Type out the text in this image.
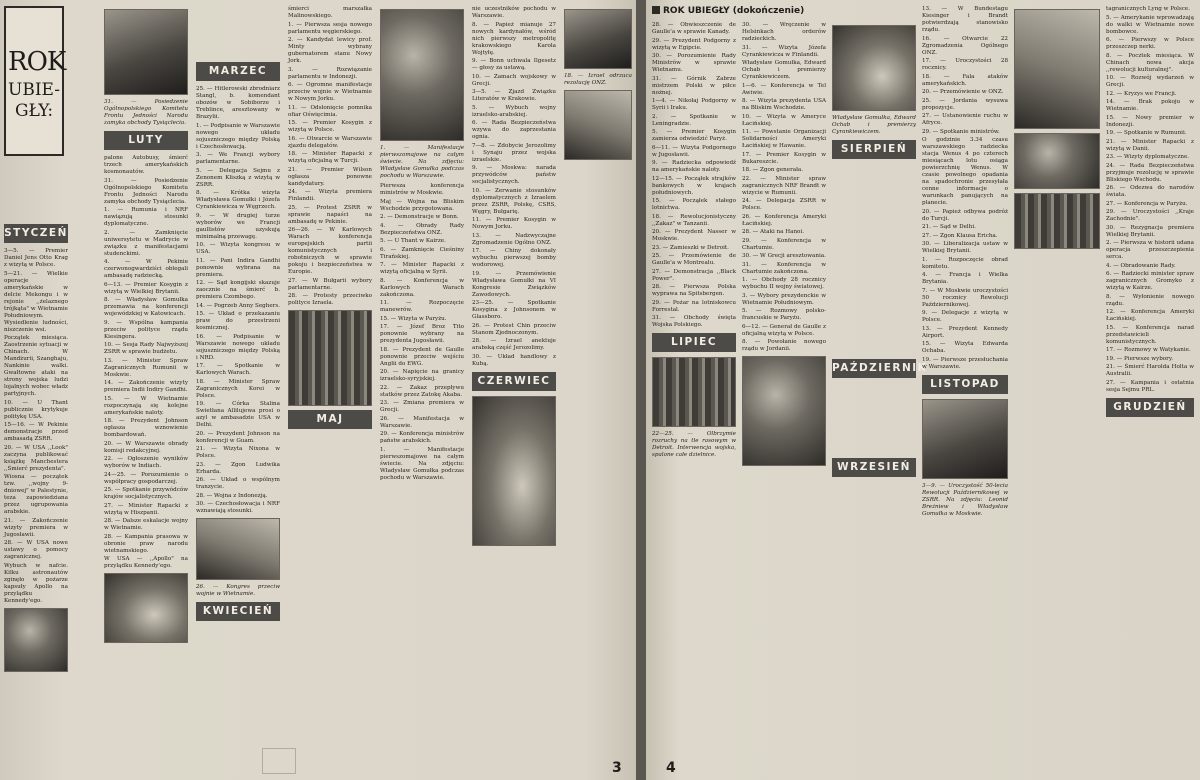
ROK
UBIE-
GŁY:
STYCZEŃ
3—5. — Premier Daniel Jens Otto Krag z wizytą w Polsce.
5—21. — Wielkie operacje amerykańskie w delcie Mekongu i w rejonie ,,żelaznego trójkąta" w Wietnamie Południowym. Wysiedlenie ludności, niszczenie wsi.
Początek miesiąca. Zaostrzenie sytuacji w Chinach. W Mandżurii, Szanghaju, Nankinie walki. Gwałtowne ataki na strony wojska ludzi lojalnych wobec władz partyjnych.
10. — U Thant publicznie krytykuje politykę USA.
15—16. — W Pekinie demonstracje przed ambasadą ZSRR.
20. — W USA ,,Look" zaczyna publikować książkę Manchestera ,,Śmierć prezydenta".
Wiosna — początek tzw. ,,wojny 9-dniowej" w Palestynie, teza zapowiedziana przez ugrupowania arabskie.
21. — Zakończenie wizyty premiera w Jugosławii.
28. — W USA nowe ustawy o pomocy zagranicznej.
Wybuch w nafcie. Kilku astronautów zginęło w pożarze kapsuły Apollo na przylądku Kennedy'ego.
31. — Posiedzenie Ogólnopolskiego Komitetu Frontu Jedności Narodu zamyka obchody Tysiąclecia.
LUTY
palone Autobusy, śmierć trzech amerykańskich kosmonautów.
31. — Posiedzenie Ogólnopolskiego Komitetu Frontu Jedności Narodu zamyka obchody Tysiąclecia.
1. — Rumunia i NRF nawiązują stosunki dyplomatyczne.
2. — Zamknięcie uniwersytetu w Madrycie w związku z manifestacjami studenckimi.
4. — W Pekinie czerwonogwardziści oblegali ambasadę radziecką.
6—13. — Premier Kosygin z wizytą w Wielkiej Brytanii.
8. — Władysław Gomułka przemawia na konferencji wojewódzkiej w Katowicach.
9. — Wspólna kampania przeciw polityce rządu Kiesingera.
10. — Sesja Rady Najwyższej ZSRR w sprawie budżetu.
13. — Minister Spraw Zagranicznych Rumunii w Moskwie.
14. — Zakończenie wizyty premiera Indii Indiry Gandhi.
15. — W Wietnamie rozpoczynają się kolejne amerykańskie naloty.
18. — Prezydent Johnson ogłasza wznowienie bombardowań.
20. — W Warszawie obrady komisji redakcyjnej.
22. — Ogłoszenie wyników wyborów w Indiach.
24—25. — Porozumienie o współpracy gospodarczej.
25. — Spotkanie przywódców krajów socjalistycznych.
27. — Minister Rapacki z wizytą w Hiszpanii.
28. — Dalsze eskalacje wojny w Wietnamie.
28. — Kampania prasowa w obronie praw narodu wietnamskiego.
W USA — ,,Apollo" na przylądku Kennedy'ego.
MARZEC
25. — Hitlerowski zbrodniarz Stangl, b. komendant obozów w Sobiborze i Treblince, aresztowany w Brazylii.
1. — Podpisanie w Warszawie nowego układu sojuszniczego między Polską i Czechosłowacją.
3. — We Francji wybory parlamentarne.
5. — Delegacja Sejmu z Zenonem Kliszką z wizytą w ZSRR.
8. — Krótka wizyta Władysława Gomułki i Józefa Cyrankiewicza w Węgrzech.
9. — W drugiej turze wyborów we Francji gaullistów uzyskują minimalną przewagę.
10. — Wizyta kongresu w USA.
11. — Pani Indira Gandhi ponownie wybrana na premiera.
12. — Sąd kongijski skazuje zaocznie na śmierć b. premiera Czombego.
14. — Pogrzeb Anny Seghers.
15. — Układ o przekazaniu praw do przestrzeni kosmicznej.
16. — Podpisanie w Warszawie nowego układu sojuszniczego między Polską i NRD.
17. — Spotkanie w Karlowych Warach.
18. — Minister Spraw Zagranicznych Korei w Polsce.
19. — Córka Stalina Swietłana Allilujewa prosi o azyl w ambasadzie USA w Delhi.
20. — Prezydent Johnson na konferencji w Guam.
21. — Wizyta Nixona w Polsce.
23. — Zgon Ludwika Erharda.
26. — Układ o wspólnym tranzycie.
28. — Wojna z Indonezją.
30. — Czechosłowacja i NRF wznawiają stosunki.
26. — Kongres przeciw wojnie w Wietnamie.
KWIECIEŃ
śmierci marszałka Malinowskiego.
1. — Pierwsza sesja nowego parlamentu węgierskiego.
2. — Kandydat lewicy prof. Minty wybrany gubernatorem stanu Nowy Jork.
3. — Rozwiązanie parlamentu w Indonezji.
6. — Ogromne manifestacje przeciw wojnie w Wietnamie w Nowym Jorku.
11. — Odsłonięcie pomnika ofiar Oświęcimia.
15. — Premier Kosygin z wizytą w Polsce.
16. — Otwarcie w Warszawie zjazdu delegatów.
18. — Minister Rapacki z wizytą oficjalną w Turcji.
21. — Premier Wilson ogłasza ponowne kandydatury.
24. — Wizyta premiera Finlandii.
25. — Protest ZSRR w sprawie napaści na ambasadę w Pekinie.
26—26. — W Karlowych Warach konferencja europejskich partii komunistycznych i robotniczych w sprawie pokoju i bezpieczeństwa w Europie.
27. — W Bułgarii wybory parlamentarne.
28. — Protesty przeciwko polityce Izraela.
MAJ
1. — Manifestacje pierwszomajowe na całym świecie. Na zdjęciu: Władysław Gomułka podczas pochodu w Warszawie.
Pierwsza konferencja ministrów w Moskwie.
Maj — Wojna na Bliskim Wschodzie przygotowana.
2. — Demonstracje w Bonn.
4. — Obrady Rady Bezpieczeństwa ONZ.
5. — U Thant w Kairze.
6. — Zamknięcie Cieśniny Tirańskiej.
7. — Minister Rapacki z wizytą oficjalną w Syrii.
8. — Konferencja w Karlowych Warach zakończona.
11. — Rozpoczęcie manewrów.
15. — Wizyta w Paryżu.
17. — Józef Broz Tito ponownie wybrany na prezydenta Jugosławii.
18. — Prezydent de Gaulle ponownie przeciw wejściu Anglii do EWG.
20. — Napięcie na granicy izraelsko-syryjskiej.
22. — Zakaz przepływu statków przez Zatokę Akaba.
23. — Zmiana premiera w Grecji.
26. — Manifestacja w Warszawie.
29. — Konferencja ministrów państw arabskich.
1. — Manifestacje pierwszomajowe na całym świecie. Na zdjęciu: Władysław Gomułka podczas pochodu w Warszawie.
nie uczestników pochodu w Warszawie.
8. — Papież mianuje 27 nowych kardynałów, wśród nich pierwszy metropolitę krakowskiego Karola Wojtyłę.
9. — Bonn uchwala Ilgesetz — głosy za ustawą.
10. — Zamach wojskowy w Grecji.
3—5. — Zjazd Związku Literatów w Krakowie.
5. — Wybuch wojny izraelsko-arabskiej.
6. — Rada Bezpieczeństwa wzywa do zaprzestania ognia.
7—8. — Zdobycie Jerozolimy i Synaju przez wojska izraelskie.
9. — Moskwa: narada przywódców państw socjalistycznych.
10. — Zerwanie stosunków dyplomatycznych z Izraelem przez ZSRR, Polskę, CSRS, Węgry, Bułgarię.
11. — Premier Kosygin w Nowym Jorku.
13. — Nadzwyczajne Zgromadzenie Ogólne ONZ.
17. — Chiny dokonały wybuchu pierwszej bomby wodorowej.
19. — Przemówienie Władysława Gomułki na VI Kongresie Związków Zawodowych.
23—25. — Spotkanie Kosygina z Johnsonem w Glassboro.
26. — Protest Chin przeciw Stanom Zjednoczonym.
28. — Izrael anektuje arabską część Jerozolimy.
30. — Układ handlowy z Kubą.
CZERWIEC
18. — Izrael odrzuca rezolucję ONZ.
3
ROK UBIEGŁY (dokończenie)
28. — Obwieszczenie de Gaulle'a w sprawie Kanady.
29. — Prezydent Podgorny z wizytą w Egipcie.
30. — Porozumienie Rady Ministrów w sprawie Wietnamu.
31. — Górnik Zabrze mistrzem Polski w piłce nożnej.
1—4. — Nikołaj Podgorny w Syrii i Iraku.
2. — Spotkanie w Leningradzie.
5. — Premier Kosygin zamierza odwiedzić Paryż.
6—11. — Wizyta Podgornego w Jugosławii.
9. — Radziecka odpowiedź na amerykańskie naloty.
12—15. — Począłek strajków bankowych w krajach południowych.
15. — Począłek stałego lotnictwa.
18. — Rewolucjonistyczny ,,Zakaz" w Tanzanii.
20. — Prezydent Nasser w Moskwie.
23. — Zamieszki w Detroit.
25. — Przemówienie de Gaulle'a w Montrealu.
27. — Demonstracja ,,Black Power".
28. — Pierwsza Polska wyprawa na Spitsbergen.
29. — Pożar na lotniskowcu Forrestal.
31. — Obchody święta Wojska Polskiego.
LIPIEC
22—25. — Olbrzymie rozruchy na tle rasowym w Detroit. Interwencja wojska, spalone całe dzielnice.
30. — Wręczenie w Helsinkach orderów radzieckich.
31. — Wizyta Józefa Cyrankiewicza w Finlandii.
Władysław Gomułka, Edward Ochab i premierzy Cyrankiewiczem.
1—6. — Konferencja w Tel Awiwie.
8. — Wizyta prezydenta USA na Bliskim Wschodzie.
10. — Wizyta w Ameryce Łacińskiej.
11. — Powstanie Organizacji Solidarności Ameryki Łacińskiej w Hawanie.
17. — Premier Kosygin w Bukareszcie.
18. — Zgon generała.
22. — Minister spraw zagranicznych NRF Brandt w wizycie w Rumunii.
24. — Delegacja ZSRR w Polsce.
26. — Konferencja Ameryki Łacińskiej.
28. — Ataki na Hanoi.
29. — Konferencja w Chartumie.
30. — W Grecji aresztowania.
31. — Konferencja w Chartumie zakończona.
1. — Obchody 28 rocznicy wybuchu II wojny światowej.
3. — Wybory prezydenckie w Wietnamie Południowym.
5. — Rozmowy polsko-francuskie w Paryżu.
6—12. — Generał de Gaulle z oficjalną wizytą w Polsce.
8. — Powołanie nowego rządu w Jordanii.
Władysław Gomułka, Edward Ochab i premierzy Cyrankiewiczem.
SIERPIEŃ
PAŹDZIERNIK
WRZESIEŃ
13. — W Bundestagu Kiesinger i Brandt potwierdzają stanowisko rządu.
16. — Otwarcie 22 Zgromadzenia Ogólnego ONZ.
17. — Uroczystości 28 rocznicy.
18. — Fala ataków amerykańskich.
20. — Przemówienie w ONZ.
25. — Jordania wysuwa propozycje.
27. — Ustanowienie ruchu w Afryce.
29. — Spotkanie ministrów.
O godzinie 3.34 czasu warszawskiego radziecka stacja Wenus 4 po czterech miesiącach lotu osiąga powierzchnię Wenus. W czasie powolnego opadania na spadochronie przesyłała cenne informacje o warunkach panujących na planecie.
20. — Papież odbywa podróż do Turcji.
21. — Sąd w Delhi.
27. — Zgon Klausa Ericha.
30. — Liberalizacja ustaw w Wielkiej Brytanii.
1. — Rozpoczęcie obrad komitetu.
4. — Francja i Wielka Brytania.
7. — W Moskwie uroczystości 50 rocznicy Rewolucji Październikowej.
9. — Delegacje z wizytą w Polsce.
13. — Prezydent Kennedy Airport.
15. — Wizyta Edwarda Ochaba.
19. — Pierwsze przesłuchania w Warszawie.
LISTOPAD
3—9. — Uroczystość 50-lecia Rewolucji Październikowej w ZSRR. Na zdjęciu: Leonid Breżniew i Władysław Gomułka w Moskwie.
tagranicznych Lyng w Polsce.
5. — Amerykanie wprowadzają do walki w Wietnamie nowe bombowce.
6. — Pierwszy w Polsce przeszczep nerki.
8. — Pocztek miesiąca. W Chinach nowa akcja ,,rewolucji kulturalnej".
10. — Rozwój wydarzeń w Grecji.
12. — Kryzys we Francji.
14. — Brak pokoju w Wietnamie.
15. — Nowy premier w Indonezji.
19. — Spotkanie w Rumunii.
21. — Minister Rapacki z wizytą w Danii.
23. — Wizyty dyplomatyczne.
24. — Rada Bezpieczeństwa przyjmuje rezolucję w sprawie Bliskiego Wschodu.
26. — Odezwa do narodów świata.
27. — Konferencja w Paryżu.
29. — Uroczystości ,,Kraje Zachodnie".
30. — Rezygnacja premiera Wielkiej Brytanii.
2. — Pierwsza w historii udana operacja przeszczepienia serca.
4. — Obradowanie Rady.
6. — Radziecki minister spraw zagranicznych Gromyko z wizytą w Kairze.
8. — Wyłonienie nowego rządu.
12. — Konferencja Ameryki Łacińskiej.
15. — Konferencja narad przedstawicieli komunistycznych.
17. — Rozmowy w Watykanie.
19. — Pierwsze wybory.
21. — Śmierć Harolda Holta w Australii.
27. — Kampania i ostatnia sesja Sejmu PRL.
GRUDZIEŃ
4
